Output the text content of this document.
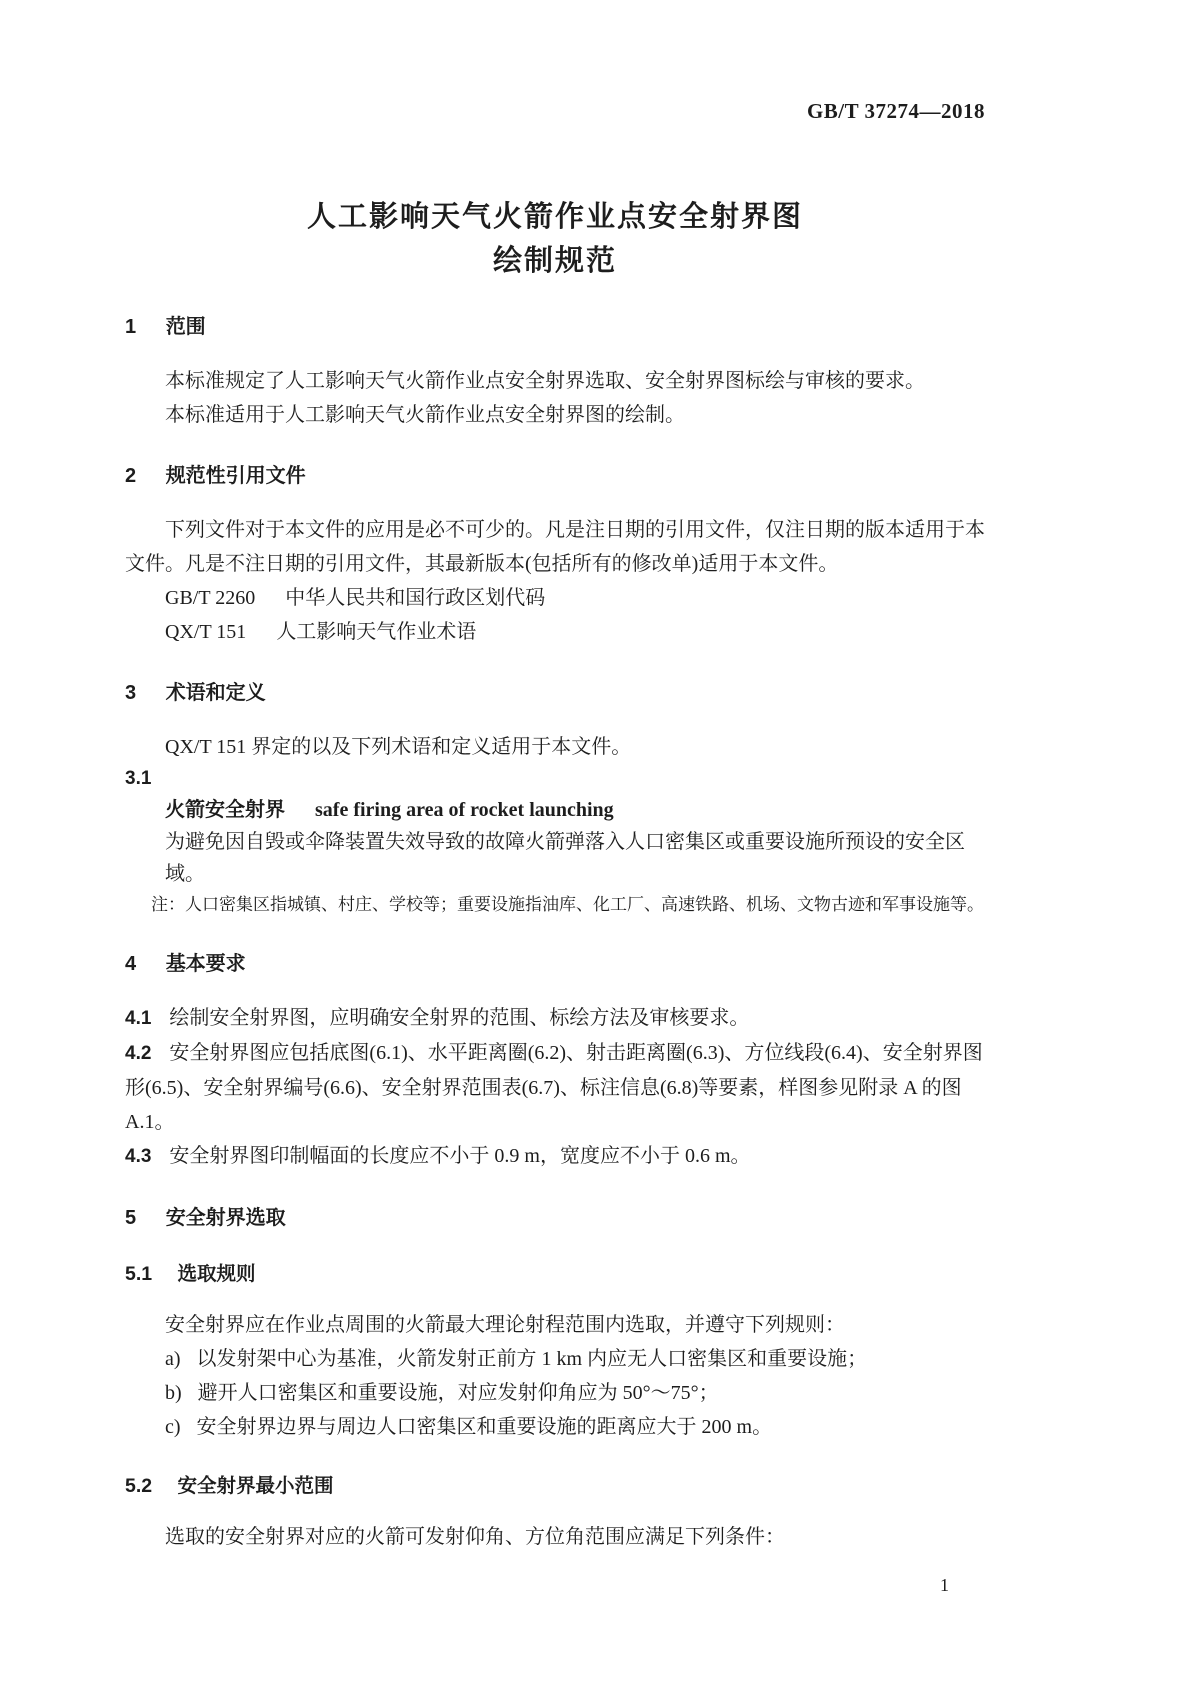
GB/T 37274—2018
人工影响天气火箭作业点安全射界图
绘制规范
1 范围

本标准规定了人工影响天气火箭作业点安全射界选取、安全射界图标绘与审核的要求。

本标准适用于人工影响天气火箭作业点安全射界图的绘制。

2 规范性引用文件

下列文件对于本文件的应用是必不可少的。凡是注日期的引用文件，仅注日期的版本适用于本文件。凡是不注日期的引用文件，其最新版本(包括所有的修改单)适用于本文件。

GB/T 2260 中华人民共和国行政区划代码

QX/T 151 人工影响天气作业术语

3 术语和定义

QX/T 151 界定的以及下列术语和定义适用于本文件。

3.1

火箭安全射界 safe firing area of rocket launching

为避免因自毁或伞降装置失效导致的故障火箭弹落入人口密集区或重要设施所预设的安全区域。

注：人口密集区指城镇、村庄、学校等；重要设施指油库、化工厂、高速铁路、机场、文物古迹和军事设施等。

4 基本要求

4.1 绘制安全射界图，应明确安全射界的范围、标绘方法及审核要求。

4.2 安全射界图应包括底图(6.1)、水平距离圈(6.2)、射击距离圈(6.3)、方位线段(6.4)、安全射界图形(6.5)、安全射界编号(6.6)、安全射界范围表(6.7)、标注信息(6.8)等要素，样图参见附录 A 的图 A.1。

4.3 安全射界图印制幅面的长度应不小于 0.9 m，宽度应不小于 0.6 m。

5 安全射界选取
5.1 选取规则

安全射界应在作业点周围的火箭最大理论射程范围内选取，并遵守下列规则：

a) 以发射架中心为基准，火箭发射正前方 1 km 内应无人口密集区和重要设施；

b) 避开人口密集区和重要设施，对应发射仰角应为 50°～75°；

c) 安全射界边界与周边人口密集区和重要设施的距离应大于 200 m。

5.2 安全射界最小范围

选取的安全射界对应的火箭可发射仰角、方位角范围应满足下列条件：

1
